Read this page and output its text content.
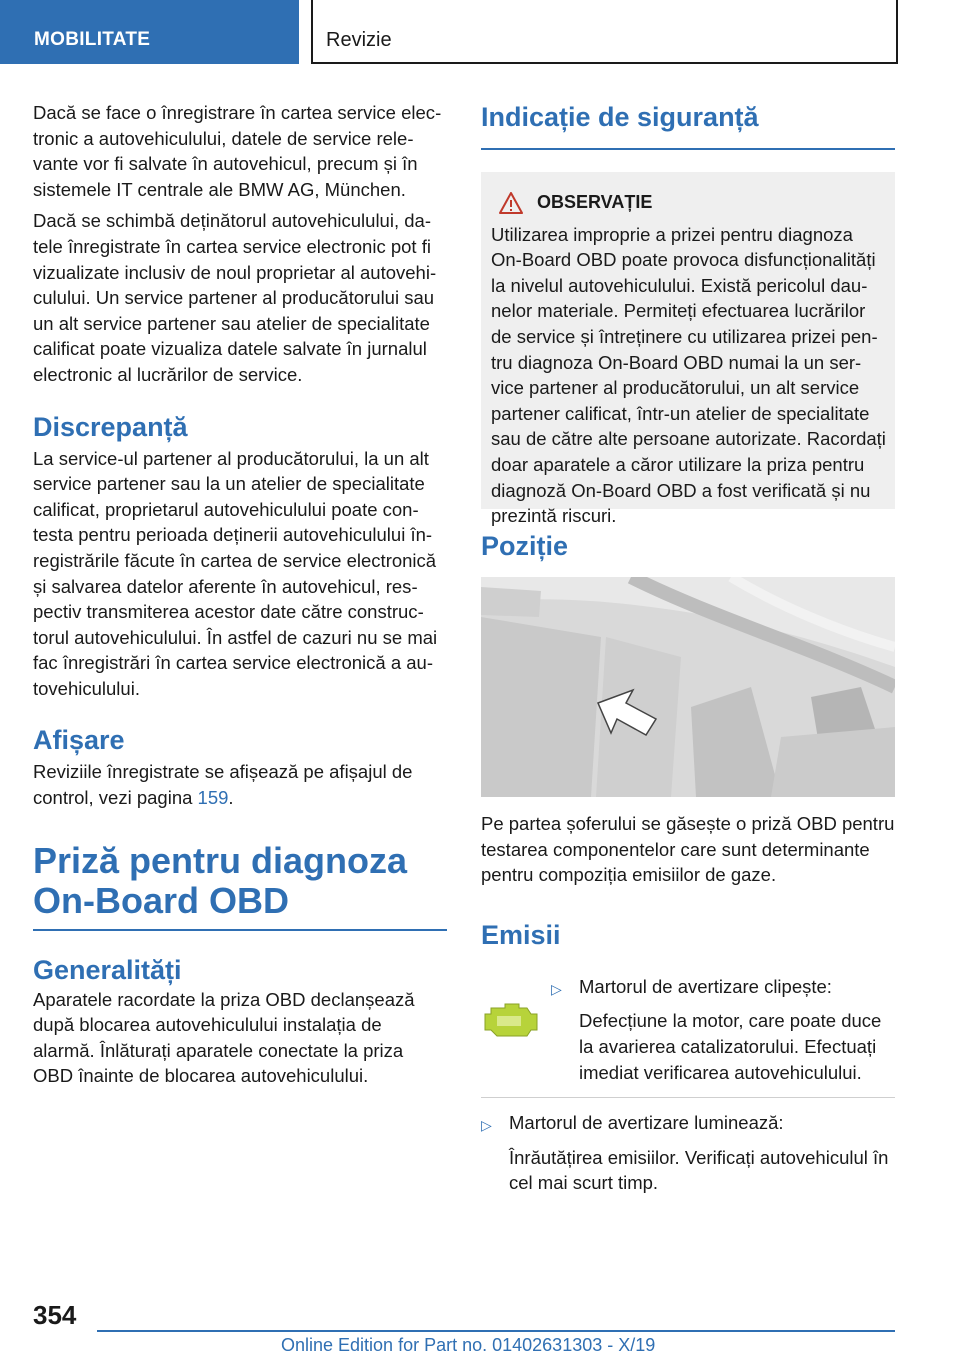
MOBILITATE	Revizie

Dacă se face o înregistrare în cartea service electronic a autovehiculului, datele de service relevante vor fi salvate în autovehicul, precum și în sistemele IT centrale ale BMW AG, München.

Dacă se schimbă deținătorul autovehiculului, datele înregistrate în cartea service electronic pot fi vizualizate inclusiv de noul proprietar al autovehiculului. Un service partener al producătorului sau un alt service partener sau atelier de specialitate calificat poate vizualiza datele salvate în jurnalul electronic al lucrărilor de service.

Discrepanță

La service-ul partener al producătorului, la un alt service partener sau la un atelier de specialitate calificat, proprietarul autovehiculului poate contesta pentru perioada deținerii autovehiculului înregistrările făcute în cartea de service electronică și salvarea datelor aferente în autovehicul, respectiv transmiterea acestor date către constructorul autovehiculului. În astfel de cazuri nu se mai fac înregistrări în cartea service electronică a autovehiculului.

Afișare

Reviziile înregistrate se afișează pe afișajul de control, vezi pagina 159.

Priză pentru diagnoza On-Board OBD
Generalități

Aparatele racordate la priza OBD declanșează după blocarea autovehiculului instalația de alarmă. Înlăturați aparatele conectate la priza OBD înainte de blocarea autovehiculului.

Indicație de siguranță
OBSERVAȚIE
Utilizarea improprie a prizei pentru diagnoza On-Board OBD poate provoca disfuncționalități la nivelul autovehiculului. Există pericolul daunelor materiale. Permiteți efectuarea lucrărilor de service și întreținere cu utilizarea prizei pentru diagnoza On-Board OBD numai la un service partener al producătorului, un alt service partener calificat, într-un atelier de specialitate sau de către alte persoane autorizate. Racordați doar aparatele a căror utilizare la priza pentru diagnoză On-Board OBD a fost verificată și nu prezintă riscuri.
Poziție

Pe partea șoferului se găsește o priză OBD pentru testarea componentelor care sunt determinante pentru compoziția emisiilor de gaze.

Emisii
▷ Martorul de avertizare clipește:
Defecțiune la motor, care poate duce la avarierea catalizatorului. Efectuați imediat verificarea autovehiculului.
▷ Martorul de avertizare luminează:
Înrăutățirea emisiilor. Verificați autovehiculul în cel mai scurt timp.
354
Online Edition for Part no. 01402631303 - X/19
